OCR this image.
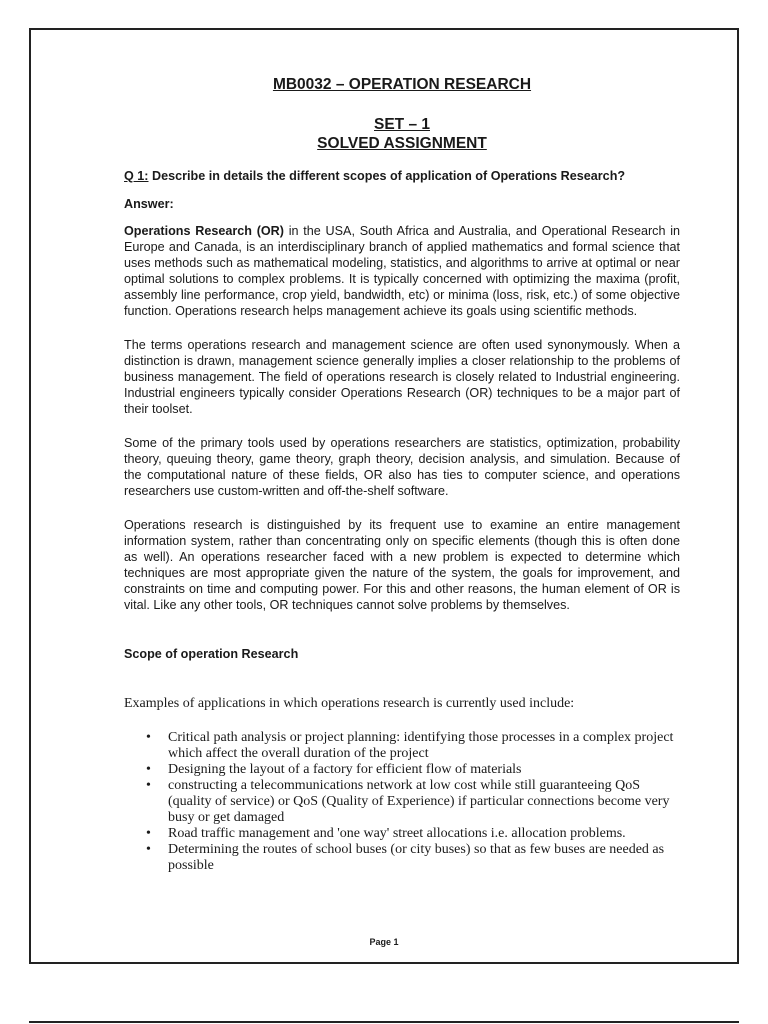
MB0032 – OPERATION RESEARCH
SET – 1
SOLVED ASSIGNMENT
Q 1: Describe in details the different scopes of application of Operations Research?
Answer:

Operations Research (OR) in the USA, South Africa and Australia, and Operational Research in Europe and Canada, is an interdisciplinary branch of applied mathematics and formal science that uses methods such as mathematical modeling, statistics, and algorithms to arrive at optimal or near optimal solutions to complex problems. It is typically concerned with optimizing the maxima (profit, assembly line performance, crop yield, bandwidth, etc) or minima (loss, risk, etc.) of some objective function. Operations research helps management achieve its goals using scientific methods.

The terms operations research and management science are often used synonymously. When a distinction is drawn, management science generally implies a closer relationship to the problems of business management. The field of operations research is closely related to Industrial engineering. Industrial engineers typically consider Operations Research (OR) techniques to be a major part of their toolset.

Some of the primary tools used by operations researchers are statistics, optimization, probability theory, queuing theory, game theory, graph theory, decision analysis, and simulation. Because of the computational nature of these fields, OR also has ties to computer science, and operations researchers use custom-written and off-the-shelf software.

Operations research is distinguished by its frequent use to examine an entire management information system, rather than concentrating only on specific elements (though this is often done as well). An operations researcher faced with a new problem is expected to determine which techniques are most appropriate given the nature of the system, the goals for improvement, and constraints on time and computing power. For this and other reasons, the human element of OR is vital. Like any other tools, OR techniques cannot solve problems by themselves.

Scope of operation Research
Examples of applications in which operations research is currently used include:
• Critical path analysis or project planning: identifying those processes in a complex project which affect the overall duration of the project
• Designing the layout of a factory for efficient flow of materials
• constructing a telecommunications network at low cost while still guaranteeing QoS (quality of service) or QoS (Quality of Experience) if particular connections become very busy or get damaged
• Road traffic management and 'one way' street allocations i.e. allocation problems.
• Determining the routes of school buses (or city buses) so that as few buses are needed as possible
Page 1
